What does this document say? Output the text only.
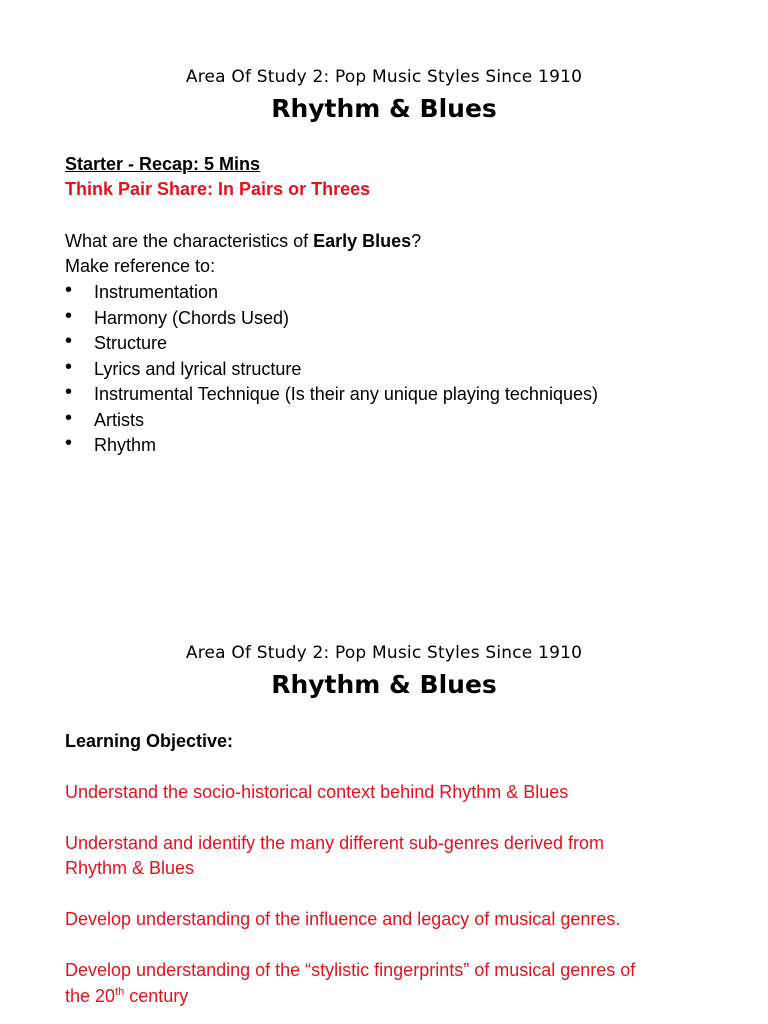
Area Of Study 2: Pop Music Styles Since 1910
Rhythm & Blues
Starter - Recap: 5 Mins
Think Pair Share: In Pairs or Threes
What are the characteristics of Early Blues?
Make reference to:
• Instrumentation
• Harmony (Chords Used)
• Structure
• Lyrics and lyrical structure
• Instrumental Technique (Is their any unique playing techniques)
• Artists
• Rhythm
Area Of Study 2: Pop Music Styles Since 1910
Rhythm & Blues
Learning Objective:
Understand the socio-historical context behind Rhythm & Blues
Understand and identify the many different sub-genres derived from
Rhythm & Blues
Develop understanding of the influence and legacy of musical genres.
Develop understanding of the “stylistic fingerprints” of musical genres of
the 20th century
